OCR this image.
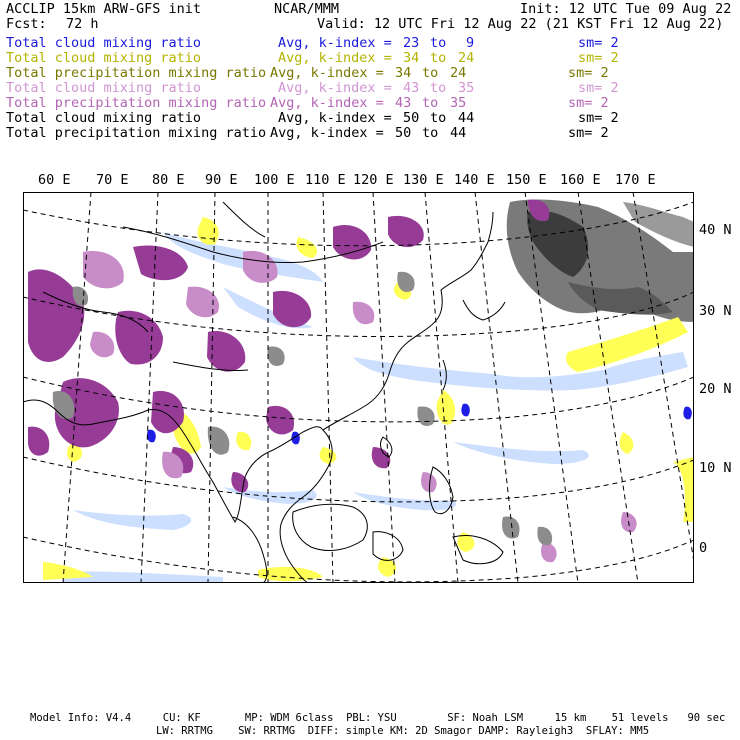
ACCLIP 15km ARW-GFS init	NCAR/MMM	Init: 12 UTC Tue 09 Aug 22
Fcst: 72 h	Valid: 12 UTC Fri 12 Aug 22 (21 KST Fri 12 Aug 22)
Total cloud mixing ratio	Avg, k-index = 23 to 9	sm= 2
Total cloud mixing ratio	Avg, k-index = 34 to 24	sm= 2
Total precipitation mixing ratio Avg, k-index = 34 to 24	sm= 2
Total cloud mixing ratio	Avg, k-index = 43 to 35	sm= 2
Total precipitation mixing ratio Avg, k-index = 43 to 35	sm= 2
Total cloud mixing ratio	Avg, k-index = 50 to 44	sm= 2
Total precipitation mixing ratio Avg, k-index = 50 to 44	sm= 2
60 E 70 E 80 E 90 E 100 E 110 E 120 E 130 E 140 E 150 E 160 E 170 E
40 N
30 N
20 N
10 N
0
Model Info: V4.4     CU: KF       MP: WDM 6class  PBL: YSU        SF: Noah LSM     15 km    51 levels   90 sec
LW: RRTMG    SW: RRTMG  DIFF: simple KM: 2D Smagor DAMP: Rayleigh3  SFLAY: MM5
